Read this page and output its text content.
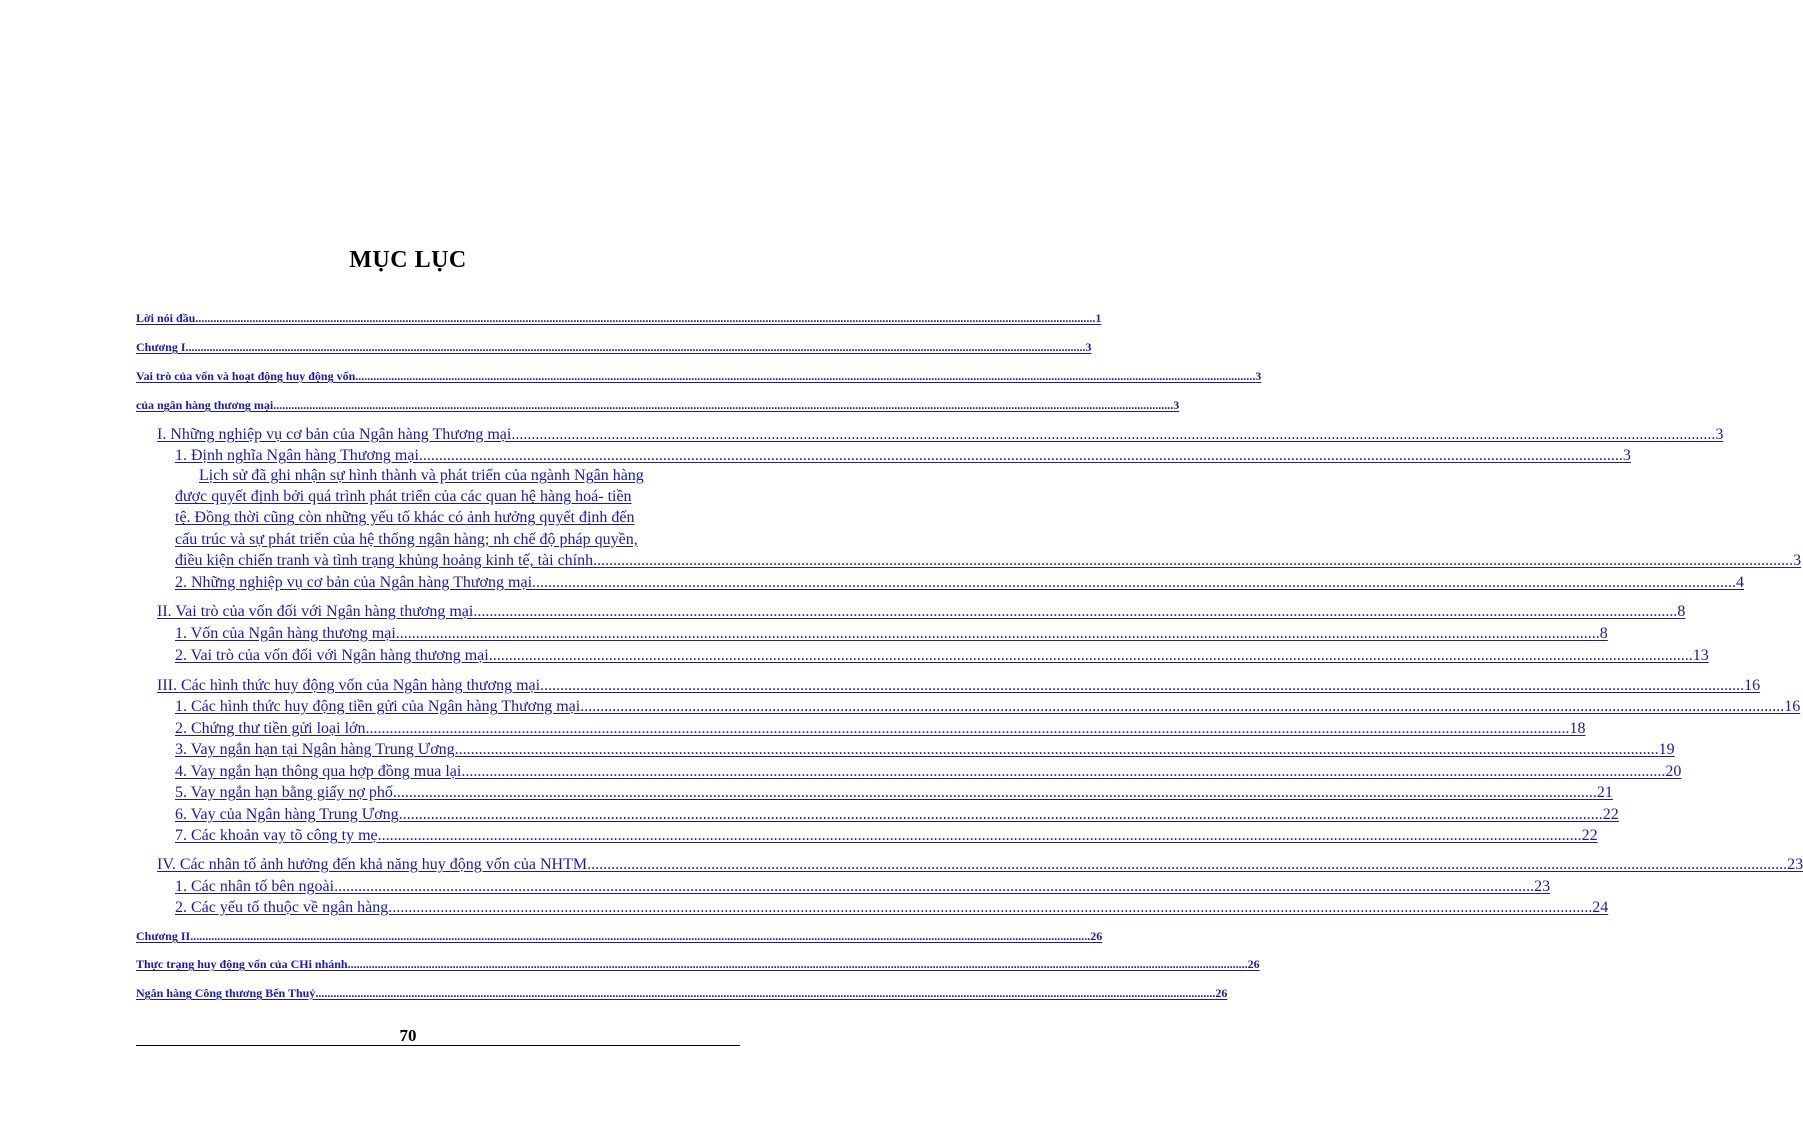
MỤC LỤC
Lời nói đầu ............................................................................................................................................................................................................................................................................................................ 1
Chương I ............................................................................................................................................................................................................................................................................................................ 3
Vai trò của vốn và hoạt động huy động vốn ............................................................................................................................................................................................................................................................................................................ 3
của ngân hàng thương mại ............................................................................................................................................................................................................................................................................................................ 3
I. Những nghiệp vụ cơ bản của Ngân hàng Thương mại. ............................................................................................................................................................................................................................................................................................................ 3
1. Định nghĩa Ngân hàng Thương mại. ............................................................................................................................................................................................................................................................................................................ 3
Lịch sử đã ghi nhận sự hình thành và phát triển của ngành Ngân hàng
được quyết định bởi quá trình phát triển của các quan hệ hàng hoá- tiền
tệ. Đồng thời cũng còn những yếu tố khác có ảnh hưởng quyết định đến
cấu trúc và sự phát triển của hệ thống ngân hàng; nh chế độ pháp quyền,
điều kiện chiến tranh và tình trạng khủng hoảng kinh tế, tài chính ............................................................................................................................................................................................................................................................................................................ 3
2. Những nghiệp vụ cơ bản của Ngân hàng Thương mại. ............................................................................................................................................................................................................................................................................................................ 4
II. Vai trò của vốn đối với Ngân hàng thương mại. ............................................................................................................................................................................................................................................................................................................ 8
1. Vốn của Ngân hàng thương mại. ............................................................................................................................................................................................................................................................................................................ 8
2. Vai trò của vốn đối với Ngân hàng thương mại. ............................................................................................................................................................................................................................................................................................................ 13
III. Các hình thức huy động vốn của Ngân hàng thương mại. ............................................................................................................................................................................................................................................................................................................ 16
1. Các hình thức huy động tiền gửi của Ngân hàng Thương mại. ............................................................................................................................................................................................................................................................................................................ 16
2. Chứng thư tiền gửi loại lớn. ............................................................................................................................................................................................................................................................................................................ 18
3. Vay ngắn hạn tại Ngân hàng Trung Ương. ............................................................................................................................................................................................................................................................................................................ 19
4. Vay ngắn hạn thông qua hợp đồng mua lại. ............................................................................................................................................................................................................................................................................................................ 20
5. Vay ngắn hạn bằng giấy nợ phố. ............................................................................................................................................................................................................................................................................................................ 21
6. Vay của Ngân hàng Trung Ương. ............................................................................................................................................................................................................................................................................................................ 22
7. Các khoản vay tõ công ty mẹ. ............................................................................................................................................................................................................................................................................................................ 22
IV. Các nhân tố ảnh hưởng đến khả năng huy động vốn của NHTM ............................................................................................................................................................................................................................................................................................................ 23
1. Các nhân tố bên ngoài ............................................................................................................................................................................................................................................................................................................ 23
2. Các yếu tố thuộc về ngân hàng. ............................................................................................................................................................................................................................................................................................................ 24
Chương II ............................................................................................................................................................................................................................................................................................................ 26
Thực trạng huy động vốn của CHi nhánh ............................................................................................................................................................................................................................................................................................................ 26
Ngân hàng Công thương Bến Thuỷ ............................................................................................................................................................................................................................................................................................................ 26
70
